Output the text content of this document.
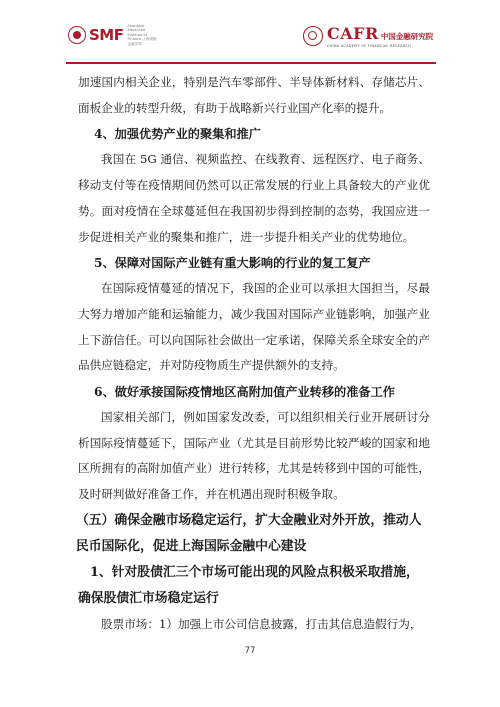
SMF
Shanghai Advanced Institute of Finance 上海高级金融学院
CAFR 中国金融研究院
CHINA ACADEMY OF FINANCIAL RESEARCH

加速国内相关企业，特别是汽车零部件、半导体新材料、存储芯片、面板企业的转型升级，有助于战略新兴行业国产化率的提升。

4、加强优势产业的聚集和推广

我国在 5G 通信、视频监控、在线教育、远程医疗、电子商务、移动支付等在疫情期间仍然可以正常发展的行业上具备较大的产业优势。面对疫情在全球蔓延但在我国初步得到控制的态势，我国应进一步促进相关产业的聚集和推广，进一步提升相关产业的优势地位。

5、保障对国际产业链有重大影响的行业的复工复产

在国际疫情蔓延的情况下，我国的企业可以承担大国担当，尽最大努力增加产能和运输能力，减少我国对国际产业链影响，加强产业上下游信任。可以向国际社会做出一定承诺，保障关系全球安全的产品供应链稳定，并对防疫物质生产提供额外的支持。

6、做好承接国际疫情地区高附加值产业转移的准备工作

国家相关部门，例如国家发改委，可以组织相关行业开展研讨分析国际疫情蔓延下，国际产业（尤其是目前形势比较严峻的国家和地区所拥有的高附加值产业）进行转移，尤其是转移到中国的可能性，及时研判做好准备工作，并在机遇出现时积极争取。

（五）确保金融市场稳定运行，扩大金融业对外开放，推动人民币国际化，促进上海国际金融中心建设
1、针对股债汇三个市场可能出现的风险点积极采取措施，确保股债汇市场稳定运行

股票市场：1）加强上市公司信息披露，打击其信息造假行为，

77
